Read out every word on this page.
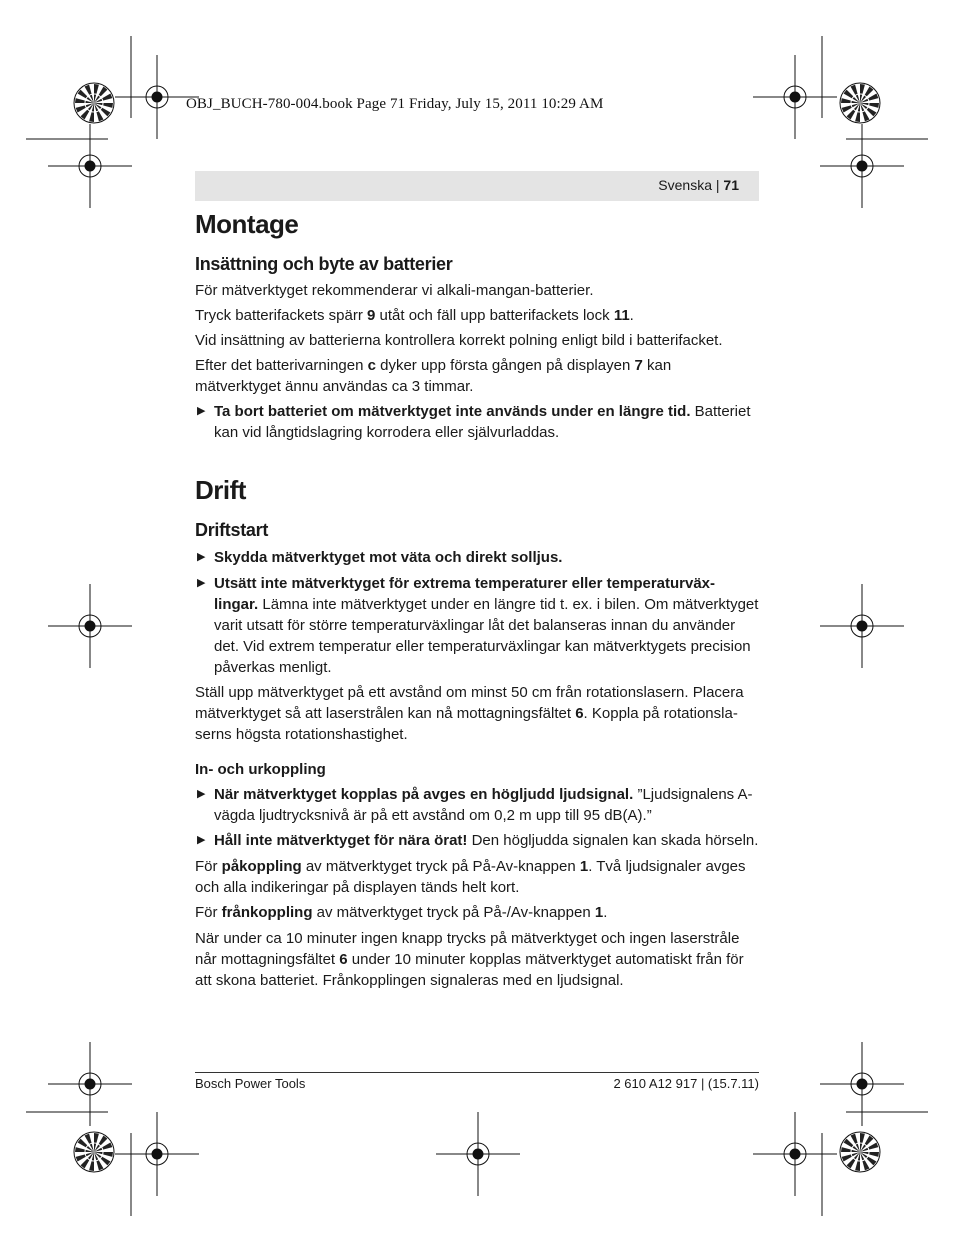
OBJ_BUCH-780-004.book Page 71 Friday, July 15, 2011 10:29 AM
Svenska | 71
Montage
Insättning och byte av batterier

För mätverktyget rekommenderar vi alkali-mangan-batterier.

Tryck batterifackets spärr 9 utåt och fäll upp batterifackets lock 11.

Vid insättning av batterierna kontrollera korrekt polning enligt bild i batterifacket.

Efter det batterivarningen c dyker upp första gången på displayen 7 kan mätverktyget ännu användas ca 3 timmar.

▶ Ta bort batteriet om mätverktyget inte används under en längre tid. Batteriet kan vid långtidslagring korrodera eller självurladdas.

Drift
Driftstart

▶ Skydda mätverktyget mot väta och direkt solljus.

▶ Utsätt inte mätverktyget för extrema temperaturer eller temperaturväx-lingar. Lämna inte mätverktyget under en längre tid t. ex. i bilen. Om mätverktyget varit utsatt för större temperaturväxlingar låt det balanseras innan du använder det. Vid extrem temperatur eller temperaturväxlingar kan mätverktygets precision påverkas menligt.

Ställ upp mätverktyget på ett avstånd om minst 50 cm från rotationslasern. Placera mätverktyget så att laserstrålen kan nå mottagningsfältet 6. Koppla på rotationsla-serns högsta rotationshastighet.

In- och urkoppling

▶ När mätverktyget kopplas på avges en högljudd ljudsignal. ”Ljudsignalens A-vägda ljudtrycksnivå är på ett avstånd om 0,2 m upp till 95 dB(A).”

▶ Håll inte mätverktyget för nära örat! Den högljudda signalen kan skada hörseln.

För påkoppling av mätverktyget tryck på På-Av-knappen 1. Två ljudsignaler avges och alla indikeringar på displayen tänds helt kort.

För frånkoppling av mätverktyget tryck på På-/Av-knappen 1.

När under ca 10 minuter ingen knapp trycks på mätverktyget och ingen laserstråle når mottagningsfältet 6 under 10 minuter kopplas mätverktyget automatiskt från för att skona batteriet. Frånkopplingen signaleras med en ljudsignal.

Bosch Power Tools	2 610 A12 917 | (15.7.11)
